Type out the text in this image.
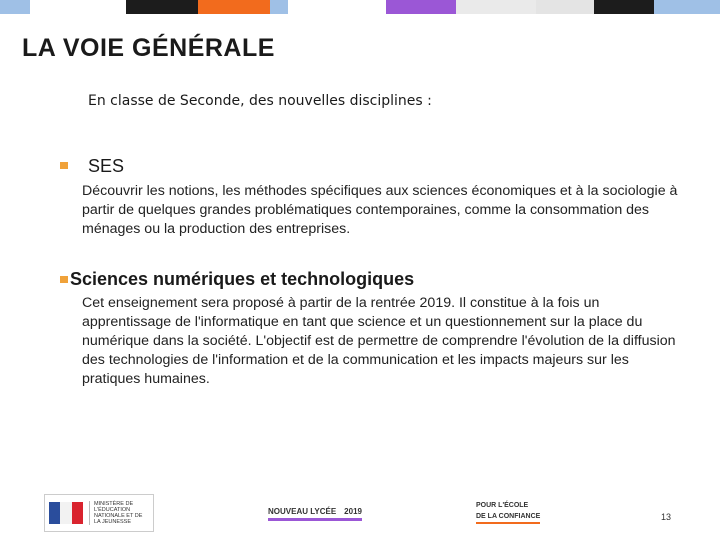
LA VOIE GÉNÉRALE

En classe de Seconde, des nouvelles disciplines :

SES

Découvrir les notions, les méthodes spécifiques aux sciences économiques et à la sociologie à partir de quelques grandes problématiques contemporaines, comme la consommation des ménages ou la production des entreprises.

Sciences numériques et technologiques

Cet enseignement sera proposé à partir de la rentrée 2019. Il constitue à la fois un apprentissage de l'informatique en tant que science et un questionnement sur la place du numérique dans la société. L'objectif est de permettre de comprendre l'évolution de la diffusion des technologies de l'information et de la communication et les impacts majeurs sur les pratiques humaines.

MINISTÈRE DE L'ÉDUCATION NATIONALE ET DE LA JEUNESSE
NOUVEAU LYCÉE 2019
POUR L'ÉCOLE
DE LA CONFIANCE	13
